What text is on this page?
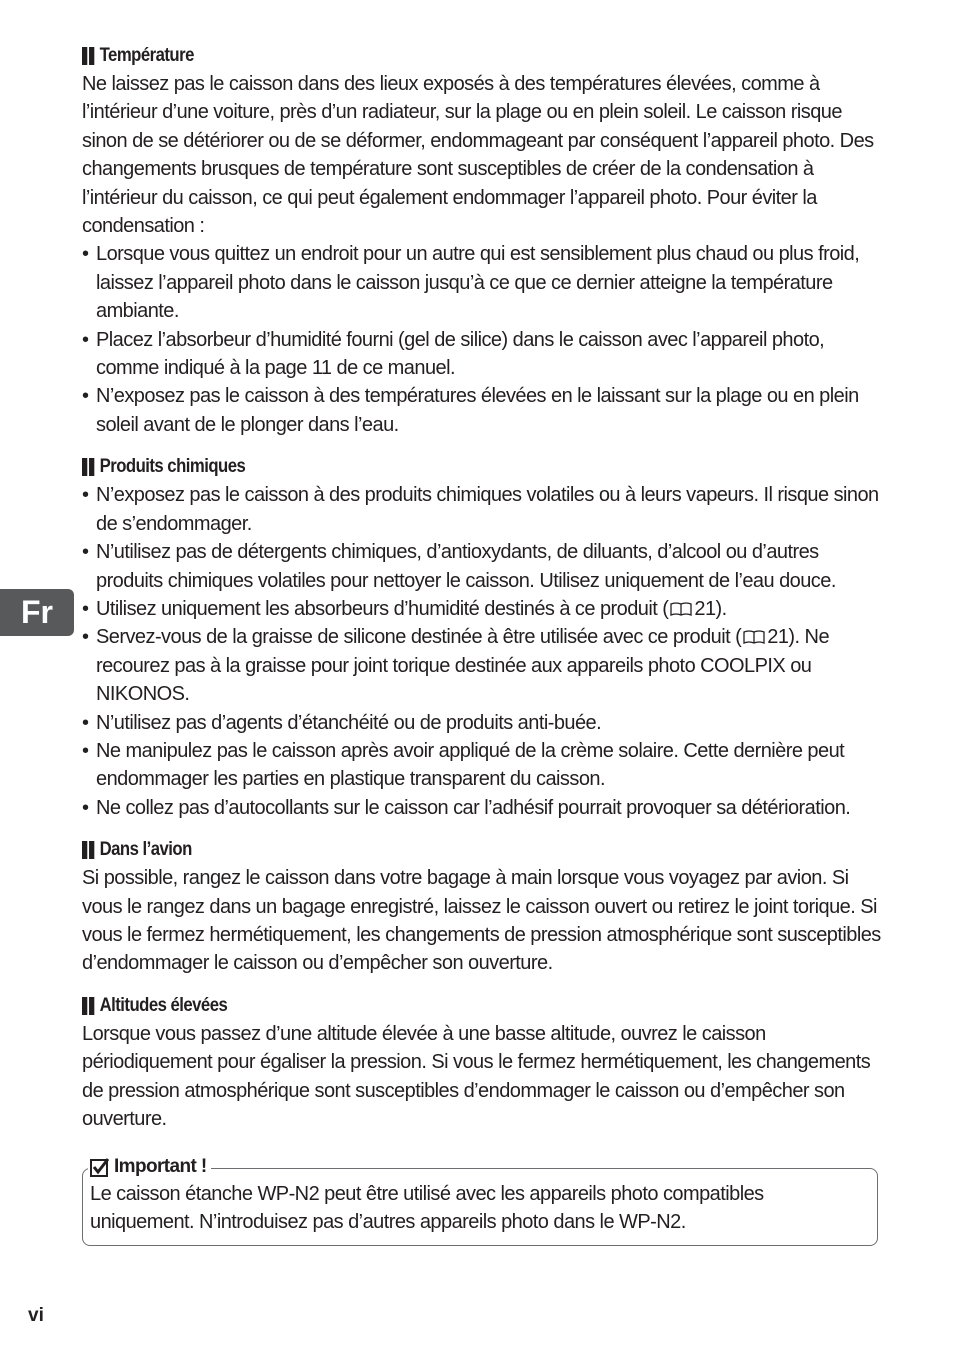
Fr
Température

Ne laissez pas le caisson dans des lieux exposés à des températures élevées, comme à l’intérieur d’une voiture, près d’un radiateur, sur la plage ou en plein soleil. Le caisson risque sinon de se détériorer ou de se déformer, endommageant par conséquent l’appareil photo. Des changements brusques de température sont susceptibles de créer de la condensation à l’intérieur du caisson, ce qui peut également endommager l’appareil photo. Pour éviter la condensation :

• Lorsque vous quittez un endroit pour un autre qui est sensiblement plus chaud ou plus froid, laissez l’appareil photo dans le caisson jusqu’à ce que ce dernier atteigne la température ambiante.
• Placez l’absorbeur d’humidité fourni (gel de silice) dans le caisson avec l’appareil photo, comme indiqué à la page 11 de ce manuel.
• N’exposez pas le caisson à des températures élevées en le laissant sur la plage ou en plein soleil avant de le plonger dans l’eau.
Produits chimiques
• N’exposez pas le caisson à des produits chimiques volatiles ou à leurs vapeurs. Il risque sinon de s’endommager.
• N’utilisez pas de détergents chimiques, d’antioxydants, de diluants, d’alcool ou d’autres produits chimiques volatiles pour nettoyer le caisson. Utilisez uniquement de l’eau douce.
• Utilisez uniquement les absorbeurs d’humidité destinés à ce produit ( 21).
• Servez-vous de la graisse de silicone destinée à être utilisée avec ce produit ( 21). Ne recourez pas à la graisse pour joint torique destinée aux appareils photo COOLPIX ou NIKONOS.
• N’utilisez pas d’agents d’étanchéité ou de produits anti-buée.
• Ne manipulez pas le caisson après avoir appliqué de la crème solaire. Cette dernière peut endommager les parties en plastique transparent du caisson.
• Ne collez pas d’autocollants sur le caisson car l’adhésif pourrait provoquer sa détérioration.
Dans l’avion

Si possible, rangez le caisson dans votre bagage à main lorsque vous voyagez par avion. Si vous le rangez dans un bagage enregistré, laissez le caisson ouvert ou retirez le joint torique. Si vous le fermez hermétiquement, les changements de pression atmosphérique sont susceptibles d’endommager le caisson ou d’empêcher son ouverture.

Altitudes élevées

Lorsque vous passez d’une altitude élevée à une basse altitude, ouvrez le caisson périodiquement pour égaliser la pression. Si vous le fermez hermétiquement, les changements de pression atmosphérique sont susceptibles d’endommager le caisson ou d’empêcher son ouverture.

Important !
Le caisson étanche WP-N2 peut être utilisé avec les appareils photo compatibles uniquement. N’introduisez pas d’autres appareils photo dans le WP-N2.
vi
